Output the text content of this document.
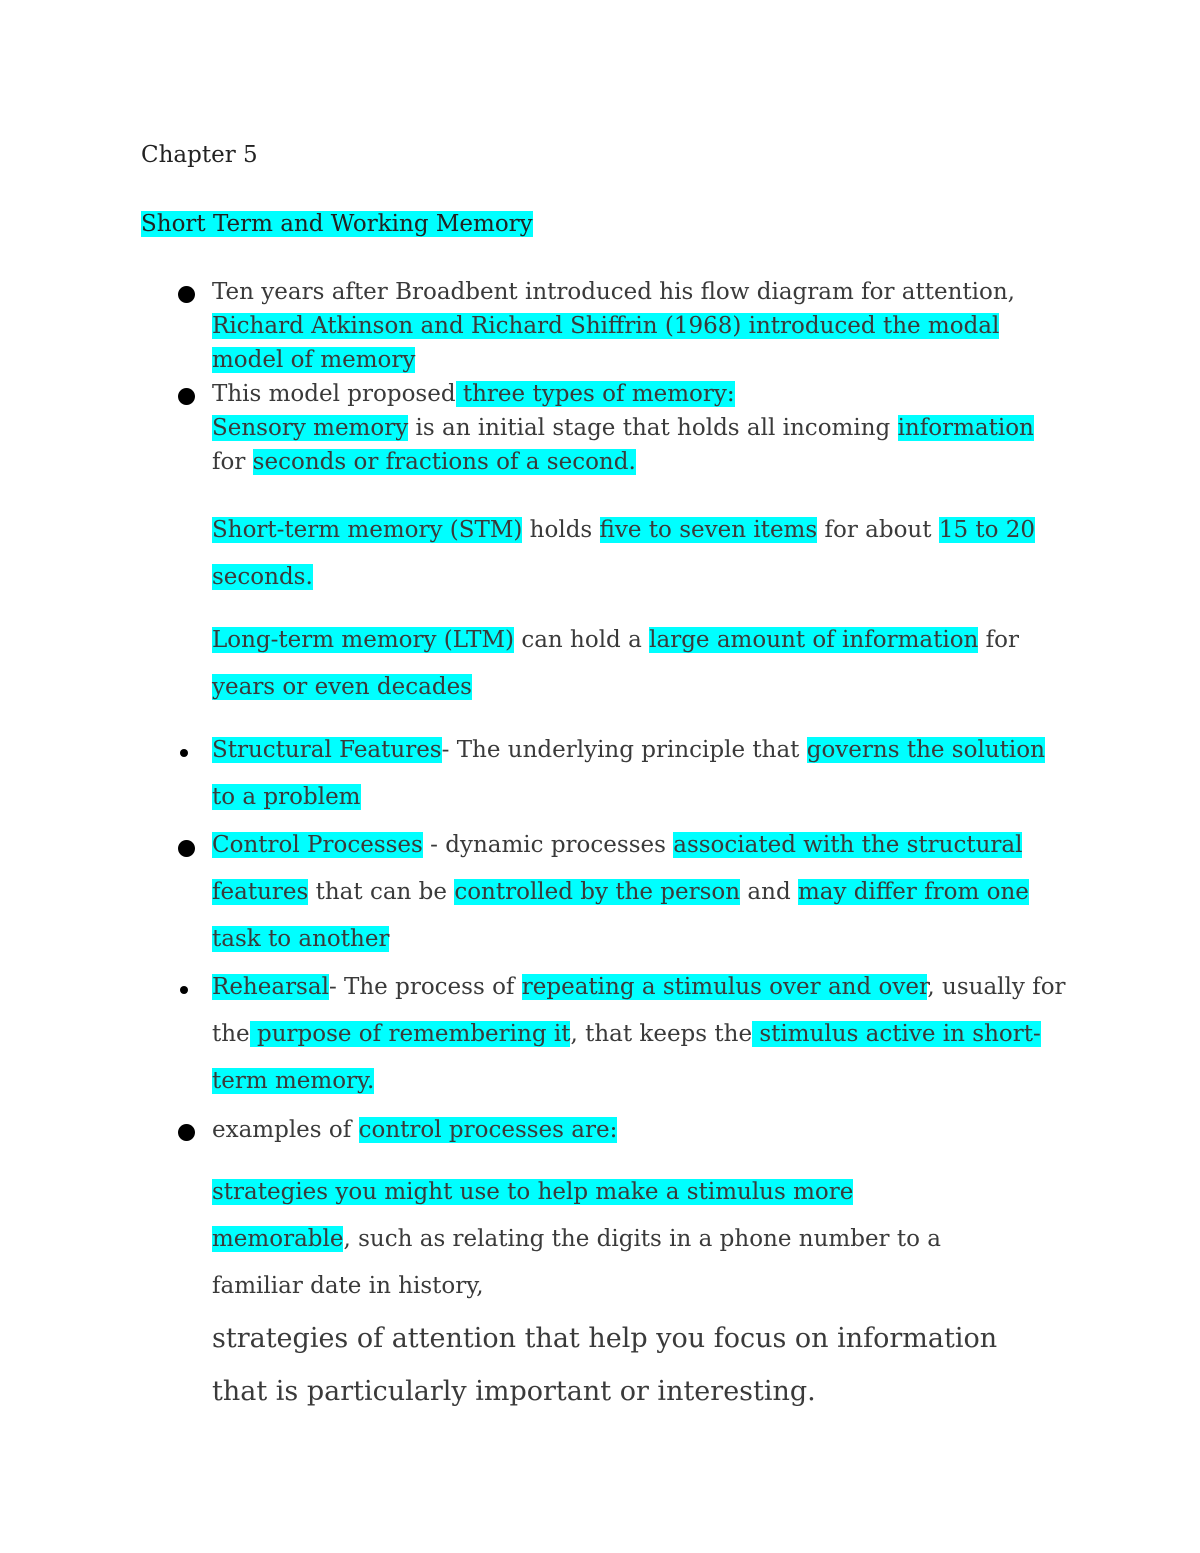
Chapter 5
Short Term and Working Memory
Ten years after Broadbent introduced his flow diagram for attention,
Richard Atkinson and Richard Shiffrin (1968) introduced the modal
model of memory
This model proposed three types of memory:
Sensory memory is an initial stage that holds all incoming information
for seconds or fractions of a second.
Short-term memory (STM) holds five to seven items for about 15 to 20
seconds.
Long-term memory (LTM) can hold a large amount of information for
years or even decades
Structural Features- The underlying principle that governs the solution
to a problem
Control Processes - dynamic processes associated with the structural
features that can be controlled by the person and may differ from one
task to another
Rehearsal- The process of repeating a stimulus over and over, usually for
the purpose of remembering it, that keeps the stimulus active in short-
term memory.
examples of control processes are:
strategies you might use to help make a stimulus more
memorable, such as relating the digits in a phone number to a
familiar date in history,
strategies of attention that help you focus on information
that is particularly important or interesting.
